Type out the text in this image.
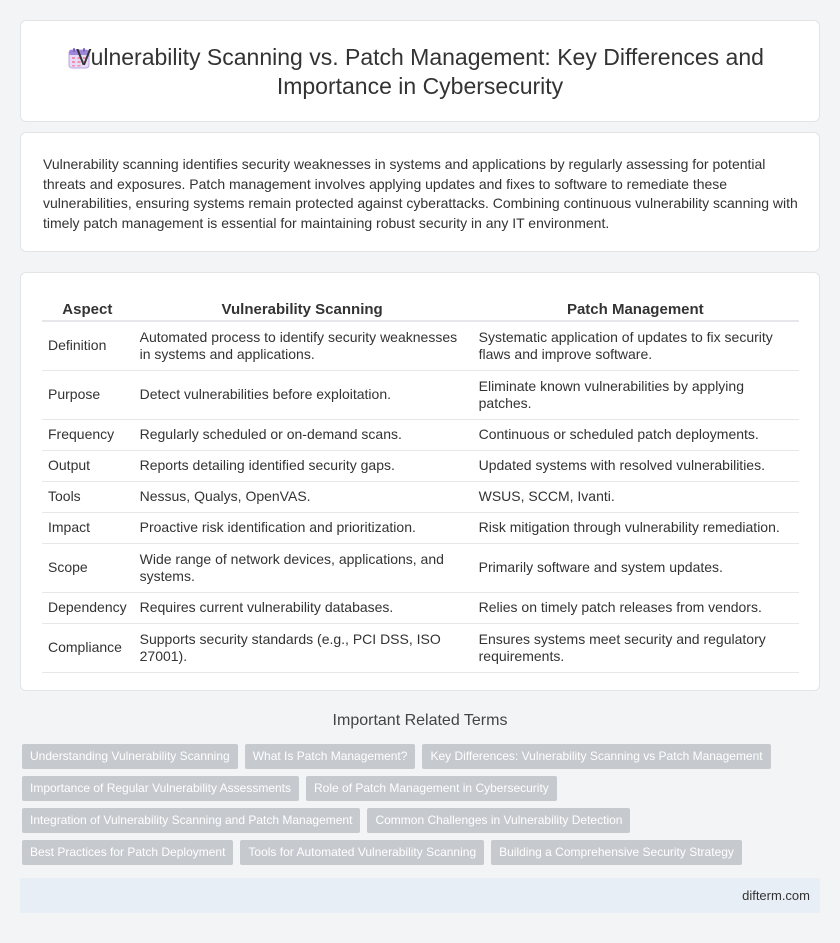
Vulnerability Scanning vs. Patch Management: Key Differences and Importance in Cybersecurity

Vulnerability scanning identifies security weaknesses in systems and applications by regularly assessing for potential threats and exposures. Patch management involves applying updates and fixes to software to remediate these vulnerabilities, ensuring systems remain protected against cyberattacks. Combining continuous vulnerability scanning with timely patch management is essential for maintaining robust security in any IT environment.

Aspect	Vulnerability Scanning	Patch Management
Definition	Automated process to identify security weaknesses in systems and applications.	Systematic application of updates to fix security flaws and improve software.
Purpose	Detect vulnerabilities before exploitation.	Eliminate known vulnerabilities by applying patches.
Frequency	Regularly scheduled or on-demand scans.	Continuous or scheduled patch deployments.
Output	Reports detailing identified security gaps.	Updated systems with resolved vulnerabilities.
Tools	Nessus, Qualys, OpenVAS.	WSUS, SCCM, Ivanti.
Impact	Proactive risk identification and prioritization.	Risk mitigation through vulnerability remediation.
Scope	Wide range of network devices, applications, and systems.	Primarily software and system updates.
Dependency	Requires current vulnerability databases.	Relies on timely patch releases from vendors.
Compliance	Supports security standards (e.g., PCI DSS, ISO 27001).	Ensures systems meet security and regulatory requirements.
Important Related Terms
Understanding Vulnerability Scanning What Is Patch Management? Key Differences: Vulnerability Scanning vs Patch Management
Importance of Regular Vulnerability Assessments Role of Patch Management in Cybersecurity
Integration of Vulnerability Scanning and Patch Management Common Challenges in Vulnerability Detection
Best Practices for Patch Deployment Tools for Automated Vulnerability Scanning Building a Comprehensive Security Strategy
difterm.com
